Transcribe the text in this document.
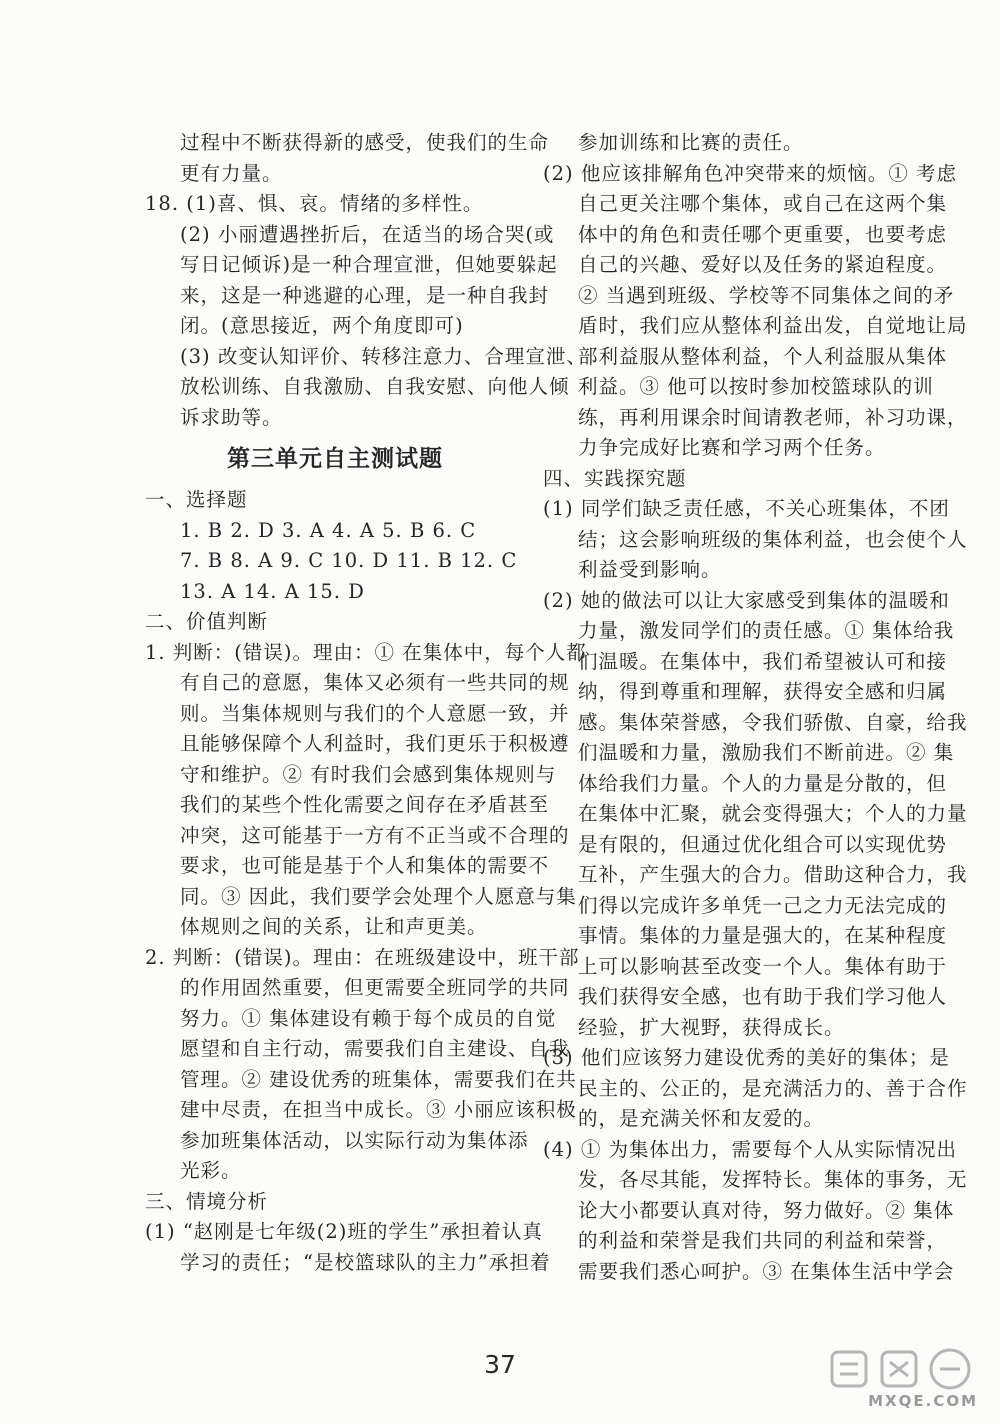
过程中不断获得新的感受，使我们的生命
更有力量。
18. (1)喜、惧、哀。情绪的多样性。
(2) 小丽遭遇挫折后，在适当的场合哭(或
写日记倾诉)是一种合理宣泄，但她要躲起
来，这是一种逃避的心理，是一种自我封
闭。(意思接近，两个角度即可)
(3) 改变认知评价、转移注意力、合理宣泄、
放松训练、自我激励、自我安慰、向他人倾
诉求助等。
第三单元自主测试题
一、选择题
1. B 2. D 3. A 4. A 5. B 6. C
7. B 8. A 9. C 10. D 11. B 12. C
13. A 14. A 15. D
二、价值判断
1. 判断：(错误)。理由：① 在集体中，每个人都
有自己的意愿，集体又必须有一些共同的规
则。当集体规则与我们的个人意愿一致，并
且能够保障个人利益时，我们更乐于积极遵
守和维护。② 有时我们会感到集体规则与
我们的某些个性化需要之间存在矛盾甚至
冲突，这可能基于一方有不正当或不合理的
要求，也可能是基于个人和集体的需要不
同。③ 因此，我们要学会处理个人愿意与集
体规则之间的关系，让和声更美。
2. 判断：(错误)。理由：在班级建设中，班干部
的作用固然重要，但更需要全班同学的共同
努力。① 集体建设有赖于每个成员的自觉
愿望和自主行动，需要我们自主建设、自我
管理。② 建设优秀的班集体，需要我们在共
建中尽责，在担当中成长。③ 小丽应该积极
参加班集体活动，以实际行动为集体添
光彩。
三、情境分析
(1) “赵刚是七年级(2)班的学生”承担着认真
学习的责任；“是校篮球队的主力”承担着
参加训练和比赛的责任。
(2) 他应该排解角色冲突带来的烦恼。① 考虑
自己更关注哪个集体，或自己在这两个集
体中的角色和责任哪个更重要，也要考虑
自己的兴趣、爱好以及任务的紧迫程度。
② 当遇到班级、学校等不同集体之间的矛
盾时，我们应从整体利益出发，自觉地让局
部利益服从整体利益，个人利益服从集体
利益。③ 他可以按时参加校篮球队的训
练，再利用课余时间请教老师，补习功课，
力争完成好比赛和学习两个任务。
四、实践探究题
(1) 同学们缺乏责任感，不关心班集体，不团
结；这会影响班级的集体利益，也会使个人
利益受到影响。
(2) 她的做法可以让大家感受到集体的温暖和
力量，激发同学们的责任感。① 集体给我
们温暖。在集体中，我们希望被认可和接
纳，得到尊重和理解，获得安全感和归属
感。集体荣誉感，令我们骄傲、自豪，给我
们温暖和力量，激励我们不断前进。② 集
体给我们力量。个人的力量是分散的，但
在集体中汇聚，就会变得强大；个人的力量
是有限的，但通过优化组合可以实现优势
互补，产生强大的合力。借助这种合力，我
们得以完成许多单凭一己之力无法完成的
事情。集体的力量是强大的，在某种程度
上可以影响甚至改变一个人。集体有助于
我们获得安全感，也有助于我们学习他人
经验，扩大视野，获得成长。
(3) 他们应该努力建设优秀的美好的集体；是
民主的、公正的，是充满活力的、善于合作
的，是充满关怀和友爱的。
(4) ① 为集体出力，需要每个人从实际情况出
发，各尽其能，发挥特长。集体的事务，无
论大小都要认真对待，努力做好。② 集体
的利益和荣誉是我们共同的利益和荣誉，
需要我们悉心呵护。③ 在集体生活中学会
37
MXQE.COM
